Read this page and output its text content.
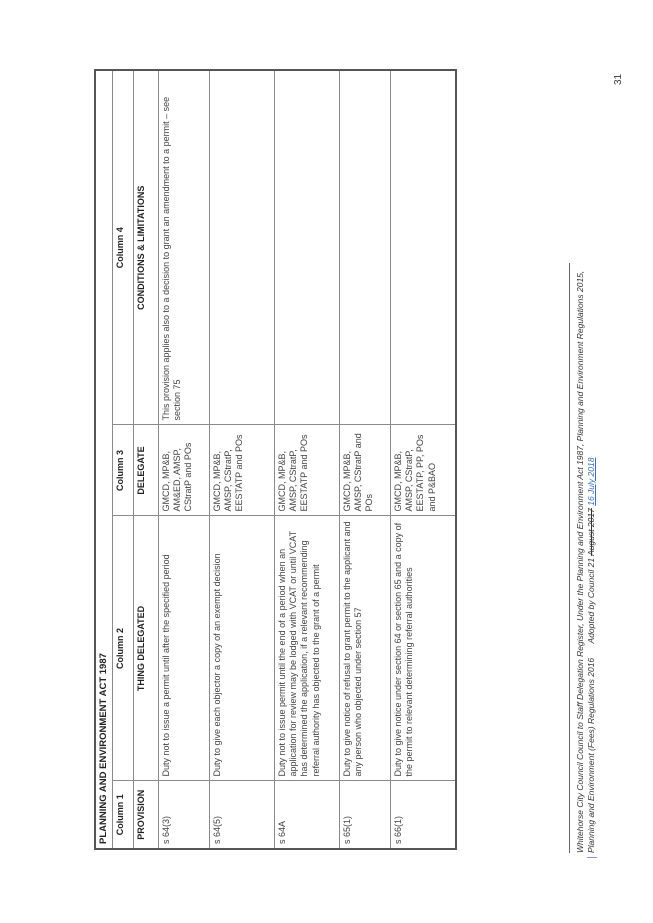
PLANNING AND ENVIRONMENT ACT 1987			
Column 1	Column 2	Column 3	Column 4
PROVISION	THING DELEGATED	DELEGATE	CONDITIONS & LIMITATIONS
s 64(3)	Duty not to issue a permit until after the specified period	GMCD, MP&B, AM&ED, AMSP, CStratP and POs	This provision applies also to a decision to grant an amendment to a permit – see section 75
s 64(5)	Duty to give each objector a copy of an exempt decision	GMCD, MP&B, AMSP, CStratP, EESTATP and POs	
s 64A	Duty not to issue permit until the end of a period when an application for review may be lodged with VCAT or until VCAT has determined the application, if a relevant recommending referral authority has objected to the grant of a permit	GMCD, MP&B, AMSP, CStratP, EESTATP and POs	
s 65(1)	Duty to give notice of refusal to grant permit to the applicant and any person who objected under section 57	GMCD, MP&B, AMSP, CStratP and POs	
s 66(1)	Duty to give notice under section 64 or section 65 and a copy of the permit to relevant determining referral authorities	GMCD, MP&B, AMSP, CStratP, EESTATP, PP, POs and P&BAO		Whitehorse City Council Council to Staff Delegation Register, Under the Planning and Environment Act 1987, Planning and Environment Regulations 2015, Planning and Environment (Fees) Regulations 2016 Adopted by Council 21 August 2017 16 July 2018
31
